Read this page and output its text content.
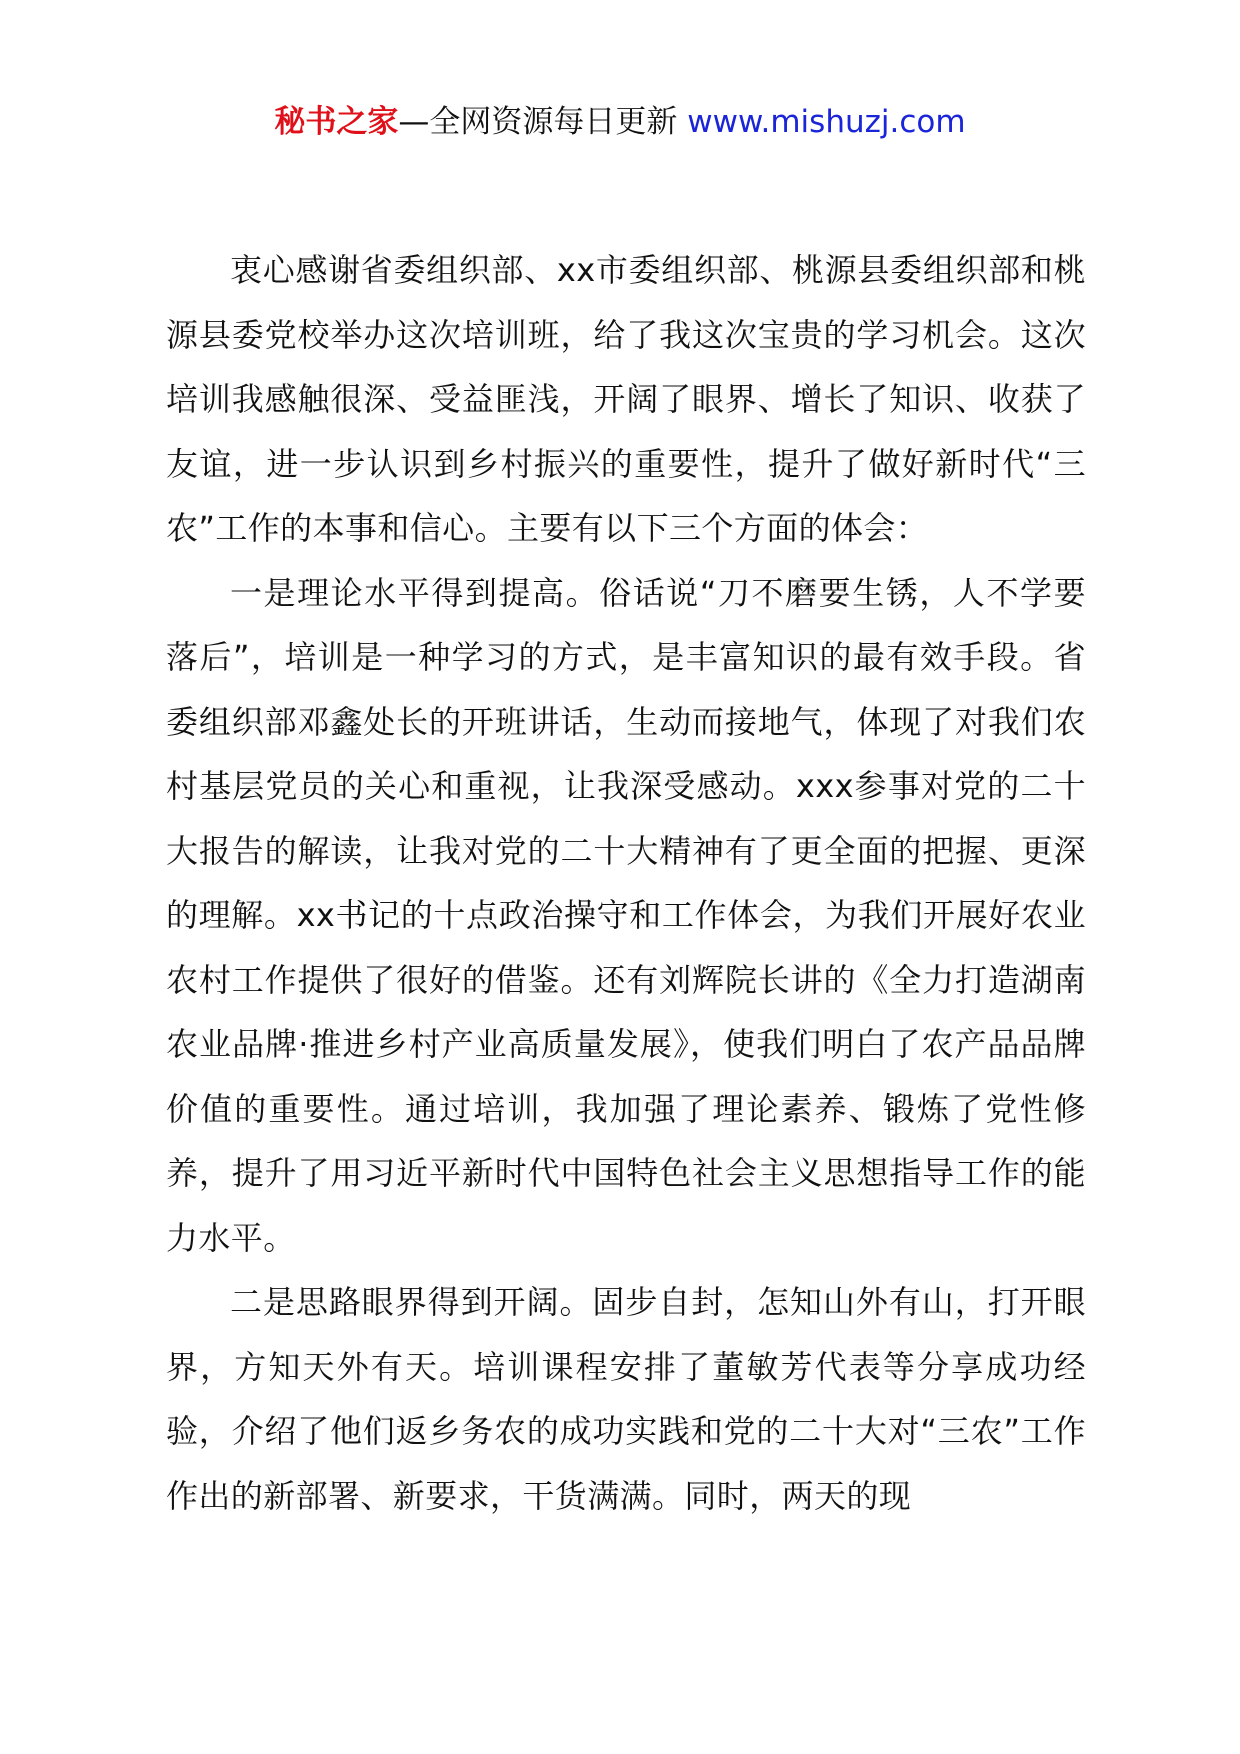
秘书之家—全网资源每日更新 www.mishuzj.com

衷心感谢省委组织部、xx市委组织部、桃源县委组织部和桃源县委党校举办这次培训班，给了我这次宝贵的学习机会。这次培训我感触很深、受益匪浅，开阔了眼界、增长了知识、收获了友谊，进一步认识到乡村振兴的重要性，提升了做好新时代“三农”工作的本事和信心。主要有以下三个方面的体会：

一是理论水平得到提高。俗话说“刀不磨要生锈，人不学要落后”，培训是一种学习的方式，是丰富知识的最有效手段。省委组织部邓鑫处长的开班讲话，生动而接地气，体现了对我们农村基层党员的关心和重视，让我深受感动。xxx参事对党的二十大报告的解读，让我对党的二十大精神有了更全面的把握、更深的理解。xx书记的十点政治操守和工作体会，为我们开展好农业农村工作提供了很好的借鉴。还有刘辉院长讲的《全力打造湖南农业品牌·推进乡村产业高质量发展》，使我们明白了农产品品牌价值的重要性。通过培训，我加强了理论素养、锻炼了党性修养，提升了用习近平新时代中国特色社会主义思想指导工作的能力水平。

二是思路眼界得到开阔。固步自封，怎知山外有山，打开眼界，方知天外有天。培训课程安排了董敏芳代表等分享成功经验，介绍了他们返乡务农的成功实践和党的二十大对“三农”工作作出的新部署、新要求，干货满满。同时，两天的现
